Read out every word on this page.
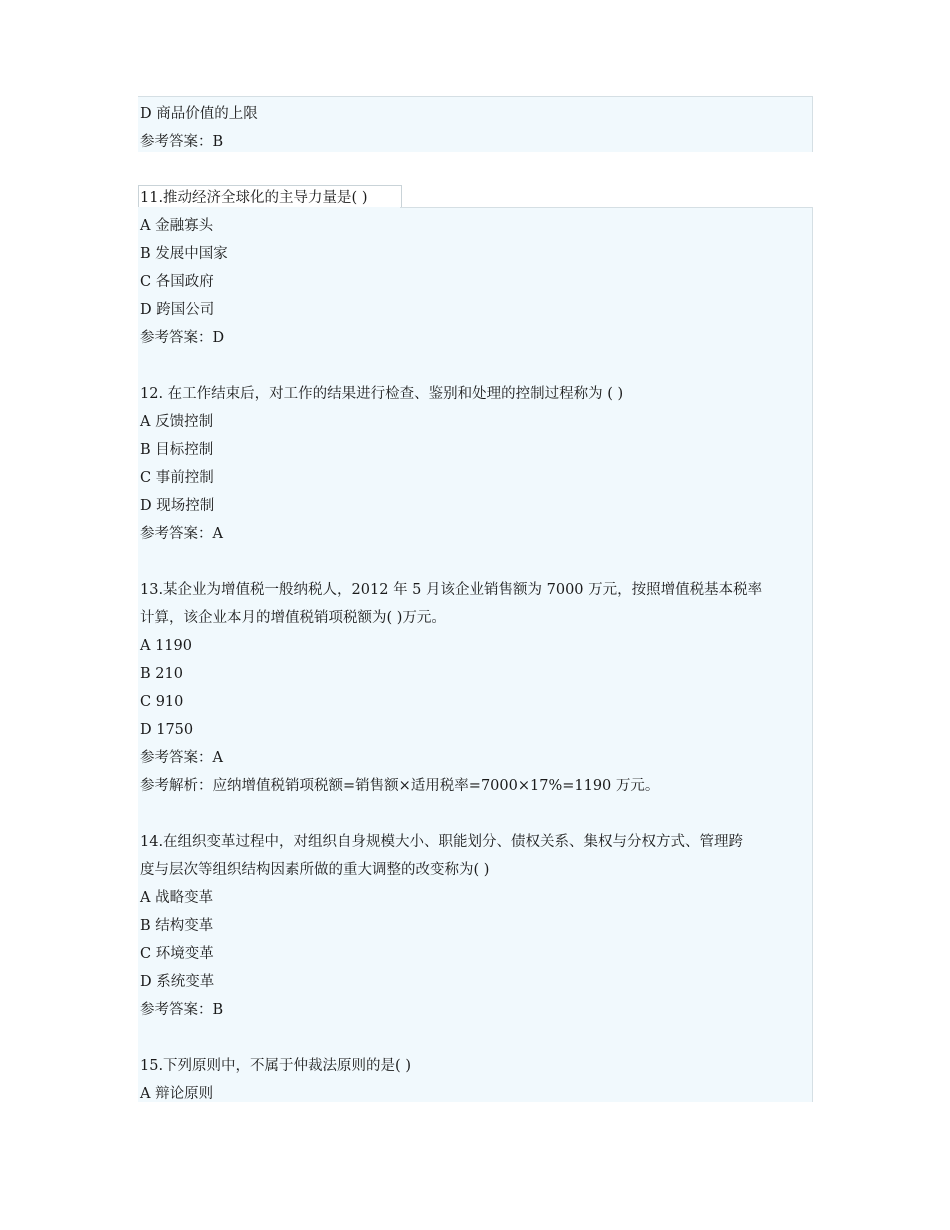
D 商品价值的上限
参考答案：B
11.推动经济全球化的主导力量是( )
A 金融寡头
B 发展中国家
C 各国政府
D 跨国公司
参考答案：D
12. 在工作结束后，对工作的结果进行检查、鉴别和处理的控制过程称为 ( )
A 反馈控制
B 目标控制
C 事前控制
D 现场控制
参考答案：A
13.某企业为增值税一般纳税人，2012 年 5 月该企业销售额为 7000 万元，按照增值税基本税率
计算，该企业本月的增值税销项税额为( )万元。
A 1190
B 210
C 910
D 1750
参考答案：A
参考解析：应纳增值税销项税额=销售额×适用税率=7000×17%=1190 万元。
14.在组织变革过程中，对组织自身规模大小、职能划分、债权关系、集权与分权方式、管理跨
度与层次等组织结构因素所做的重大调整的改变称为( )
A 战略变革
B 结构变革
C 环境变革
D 系统变革
参考答案：B
15.下列原则中，不属于仲裁法原则的是( )
A 辩论原则
